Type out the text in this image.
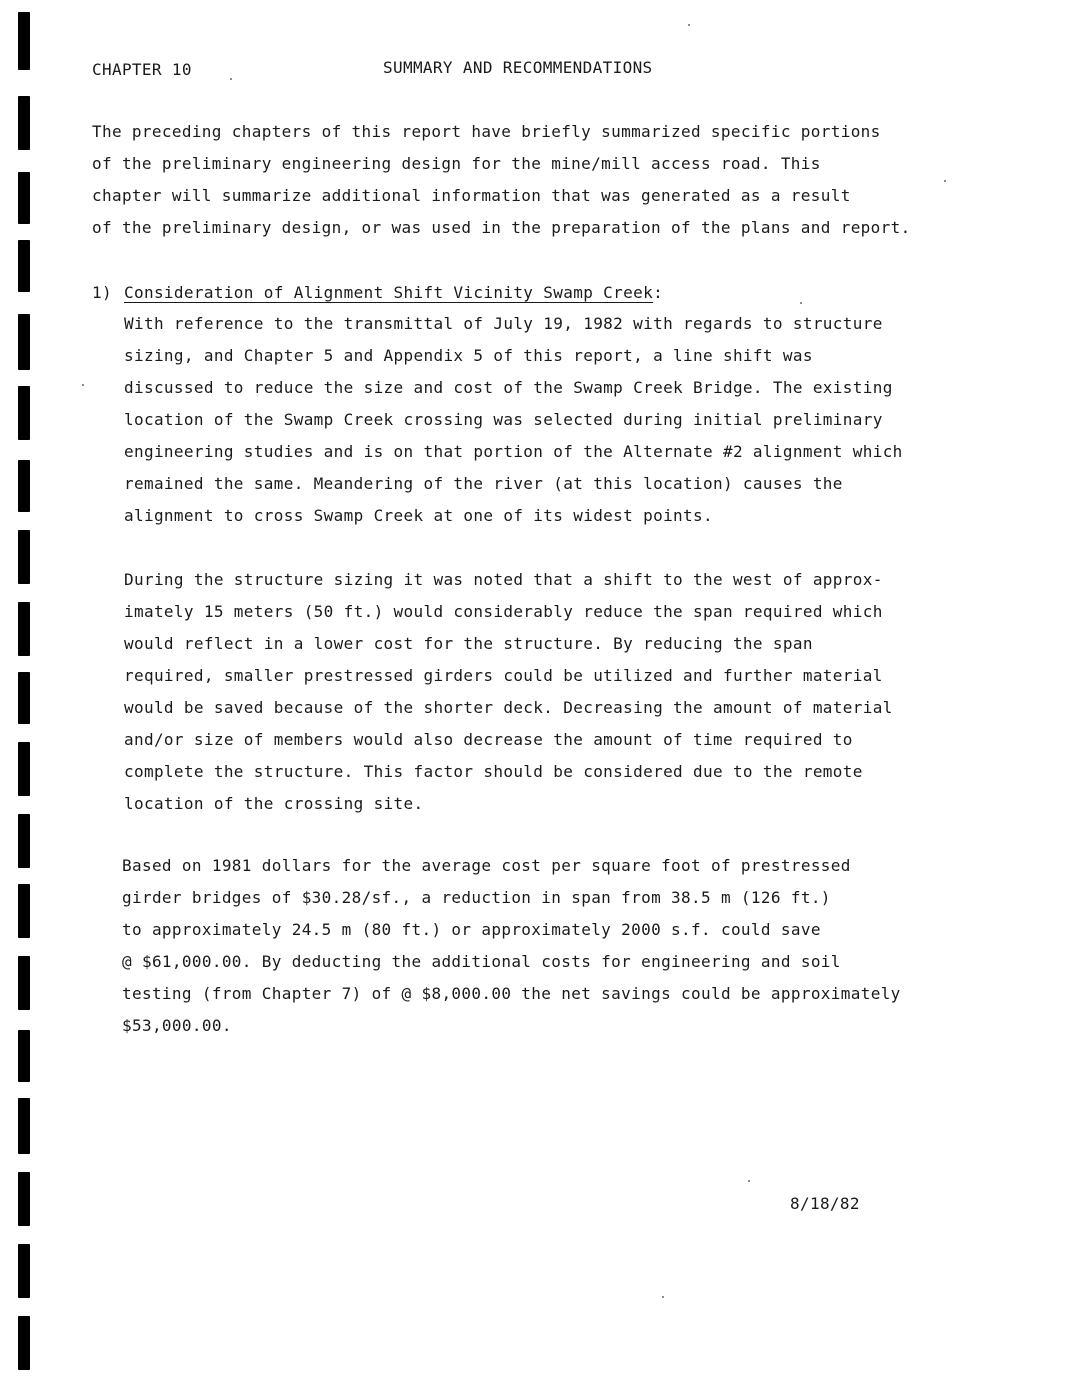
CHAPTER 10	SUMMARY AND RECOMMENDATIONS
The preceding chapters of this report have briefly summarized specific portions
of the preliminary engineering design for the mine/mill access road. This
chapter will summarize additional information that was generated as a result
of the preliminary design, or was used in the preparation of the plans and report.
1) Consideration of Alignment Shift Vicinity Swamp Creek:
With reference to the transmittal of July 19, 1982 with regards to structure
sizing, and Chapter 5 and Appendix 5 of this report, a line shift was
discussed to reduce the size and cost of the Swamp Creek Bridge. The existing
location of the Swamp Creek crossing was selected during initial preliminary
engineering studies and is on that portion of the Alternate #2 alignment which
remained the same. Meandering of the river (at this location) causes the
alignment to cross Swamp Creek at one of its widest points.
During the structure sizing it was noted that a shift to the west of approx-
imately 15 meters (50 ft.) would considerably reduce the span required which
would reflect in a lower cost for the structure. By reducing the span
required, smaller prestressed girders could be utilized and further material
would be saved because of the shorter deck. Decreasing the amount of material
and/or size of members would also decrease the amount of time required to
complete the structure. This factor should be considered due to the remote
location of the crossing site.
Based on 1981 dollars for the average cost per square foot of prestressed
girder bridges of $30.28/sf., a reduction in span from 38.5 m (126 ft.)
to approximately 24.5 m (80 ft.) or approximately 2000 s.f. could save
@ $61,000.00. By deducting the additional costs for engineering and soil
testing (from Chapter 7) of @ $8,000.00 the net savings could be approximately
$53,000.00.
8/18/82
